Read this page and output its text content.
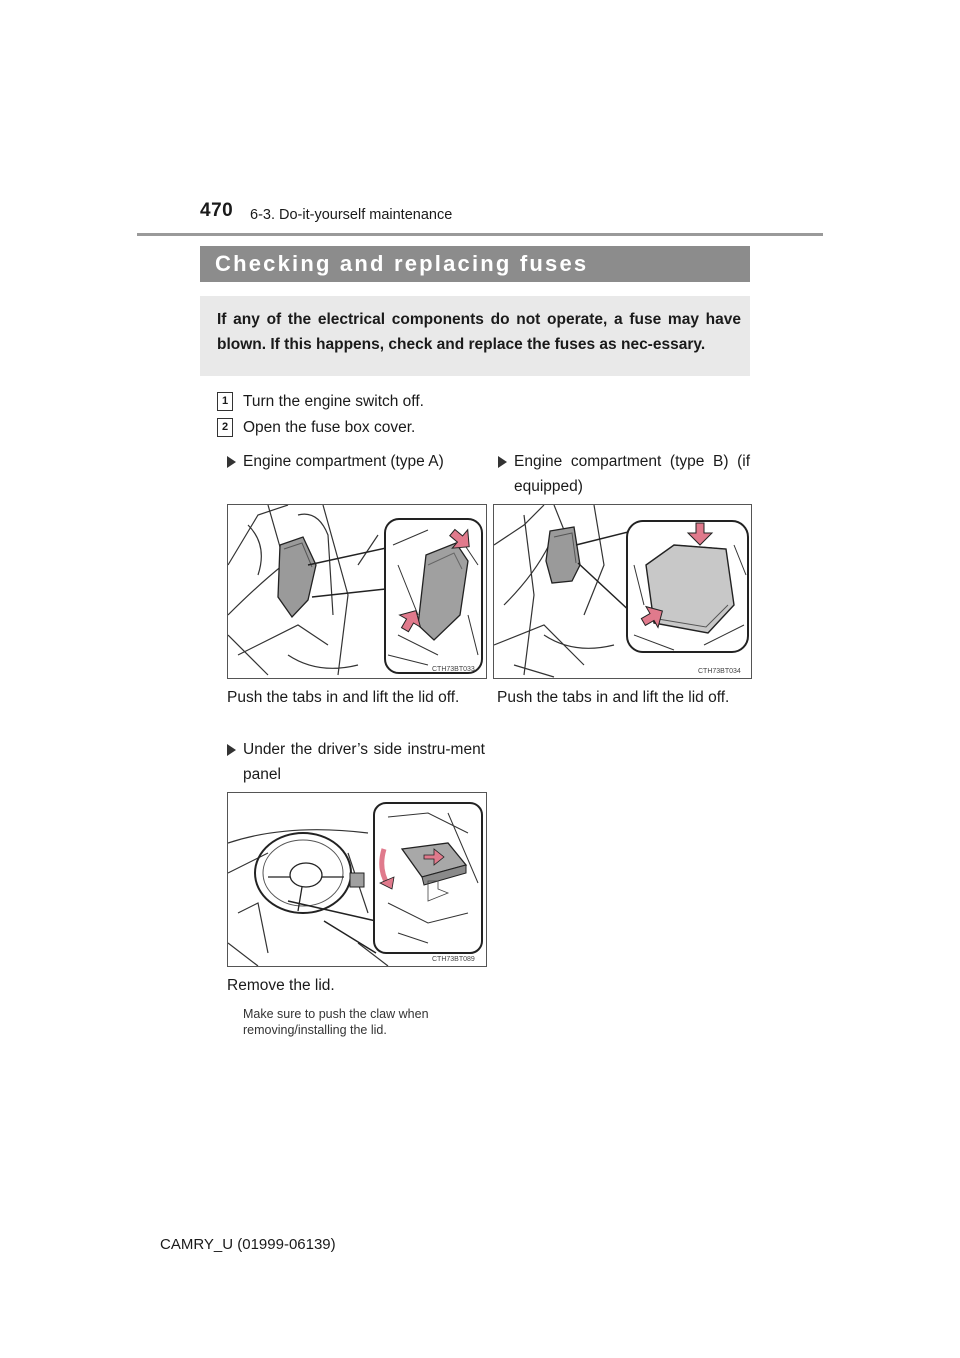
470 6-3. Do-it-yourself maintenance
Checking and replacing fuses

If any of the electrical components do not operate, a fuse may have blown. If this happens, check and replace the fuses as nec-essary.

1 Turn the engine switch off.
2 Open the fuse box cover.
Engine compartment (type A)	Engine compartment (type B) (if equipped)
CTH73BT033	CTH73BT034
Push the tabs in and lift the lid off.	Push the tabs in and lift the lid off.
Under the driver’s side instru-ment panel
CTH73BT089
Remove the lid.
Make sure to push the claw when removing/installing the lid.
CAMRY_U (01999-06139)
